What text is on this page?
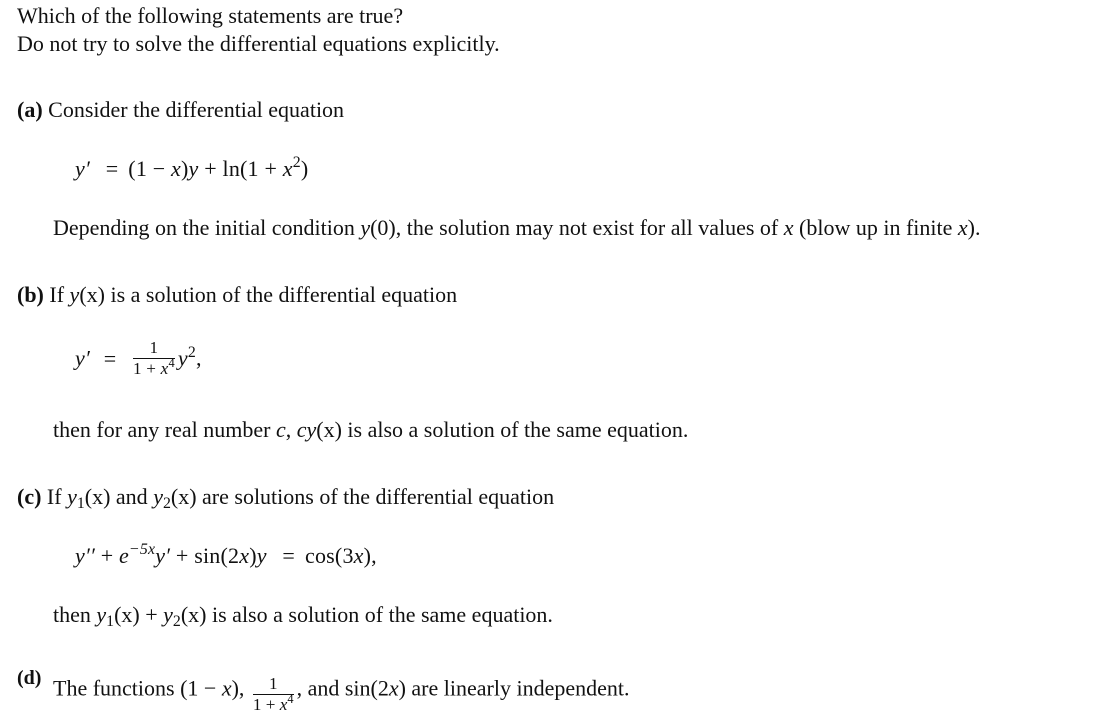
Which of the following statements are true?
Do not try to solve the differential equations explicitly.
(a) Consider the differential equation
$y' = (1 - x)y + \ln(1 + x^2)$
Depending on the initial condition y(0), the solution may not exist for all values of x (blow up in finite x).
(b) If y(x) is a solution of the differential equation
$y' = \frac{1}{1 + x^4} y^2$,
then for any real number c, cy(x) is also a solution of the same equation.
(c) If $y_1(x)$ and $y_2(x)$ are solutions of the differential equation
$y'' + e^{-5x}y' + \sin(2x)y = \cos(3x)$,
then $y_1(x) + y_2(x)$ is also a solution of the same equation.
(d) The functions (1 − x), $\frac{1}{1 + x^4}$ , and sin(2x) are linearly independent.
